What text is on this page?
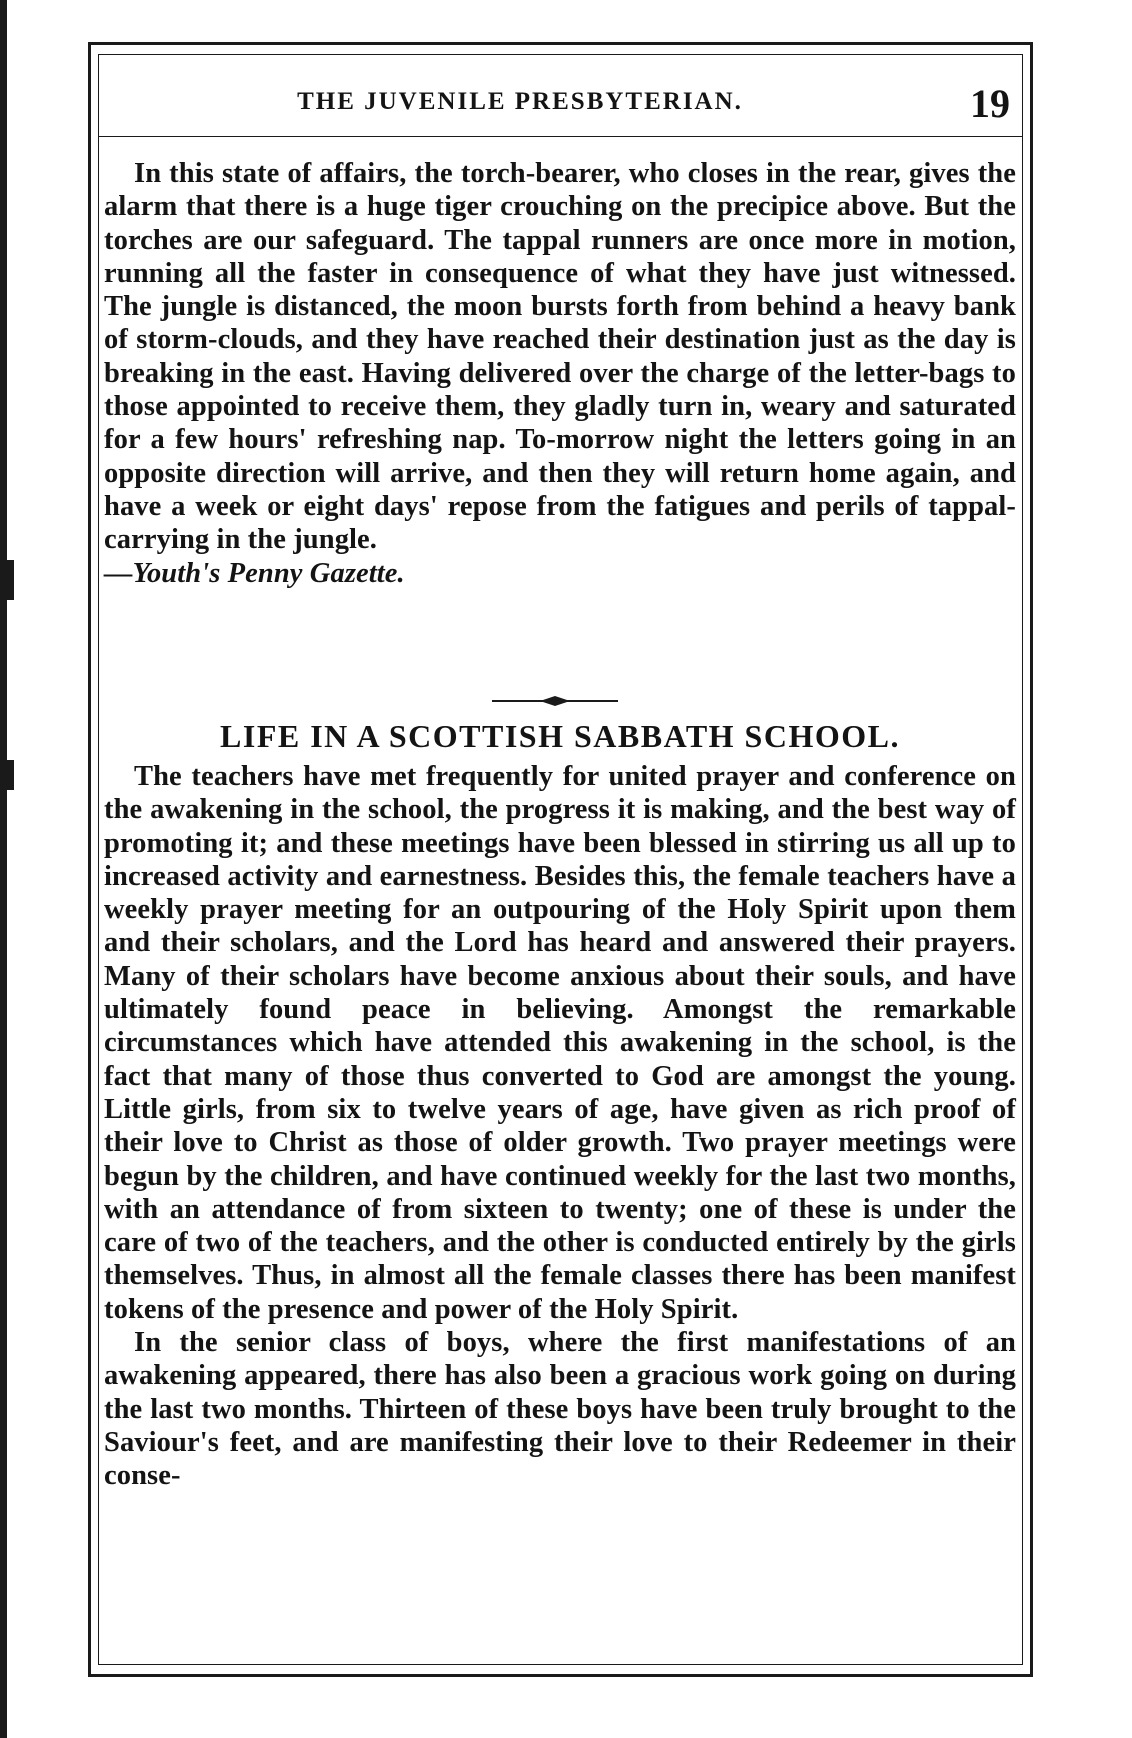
THE JUVENILE PRESBYTERIAN.	19

In this state of affairs, the torch-bearer, who closes in the rear, gives the alarm that there is a huge tiger crouching on the precipice above. But the torches are our safeguard. The tappal runners are once more in motion, running all the faster in consequence of what they have just witnessed. The jungle is distanced, the moon bursts forth from behind a heavy bank of storm-clouds, and they have reached their destination just as the day is breaking in the east. Having delivered over the charge of the letter-bags to those appointed to receive them, they gladly turn in, weary and saturated for a few hours' refreshing nap. To-morrow night the letters going in an opposite direction will arrive, and then they will return home again, and have a week or eight days' repose from the fatigues and perils of tappal-carrying in the jungle.
—Youth's Penny Gazette.

LIFE IN A SCOTTISH SABBATH SCHOOL.

The teachers have met frequently for united prayer and conference on the awakening in the school, the progress it is making, and the best way of promoting it; and these meetings have been blessed in stirring us all up to increased activity and earnestness. Besides this, the female teachers have a weekly prayer meeting for an outpouring of the Holy Spirit upon them and their scholars, and the Lord has heard and answered their prayers. Many of their scholars have become anxious about their souls, and have ultimately found peace in believing. Amongst the remarkable circumstances which have attended this awakening in the school, is the fact that many of those thus converted to God are amongst the young. Little girls, from six to twelve years of age, have given as rich proof of their love to Christ as those of older growth. Two prayer meetings were begun by the children, and have continued weekly for the last two months, with an attendance of from sixteen to twenty; one of these is under the care of two of the teachers, and the other is conducted entirely by the girls themselves. Thus, in almost all the female classes there has been manifest tokens of the presence and power of the Holy Spirit.

In the senior class of boys, where the first manifestations of an awakening appeared, there has also been a gracious work going on during the last two months. Thirteen of these boys have been truly brought to the Saviour's feet, and are manifesting their love to their Redeemer in their conse-
